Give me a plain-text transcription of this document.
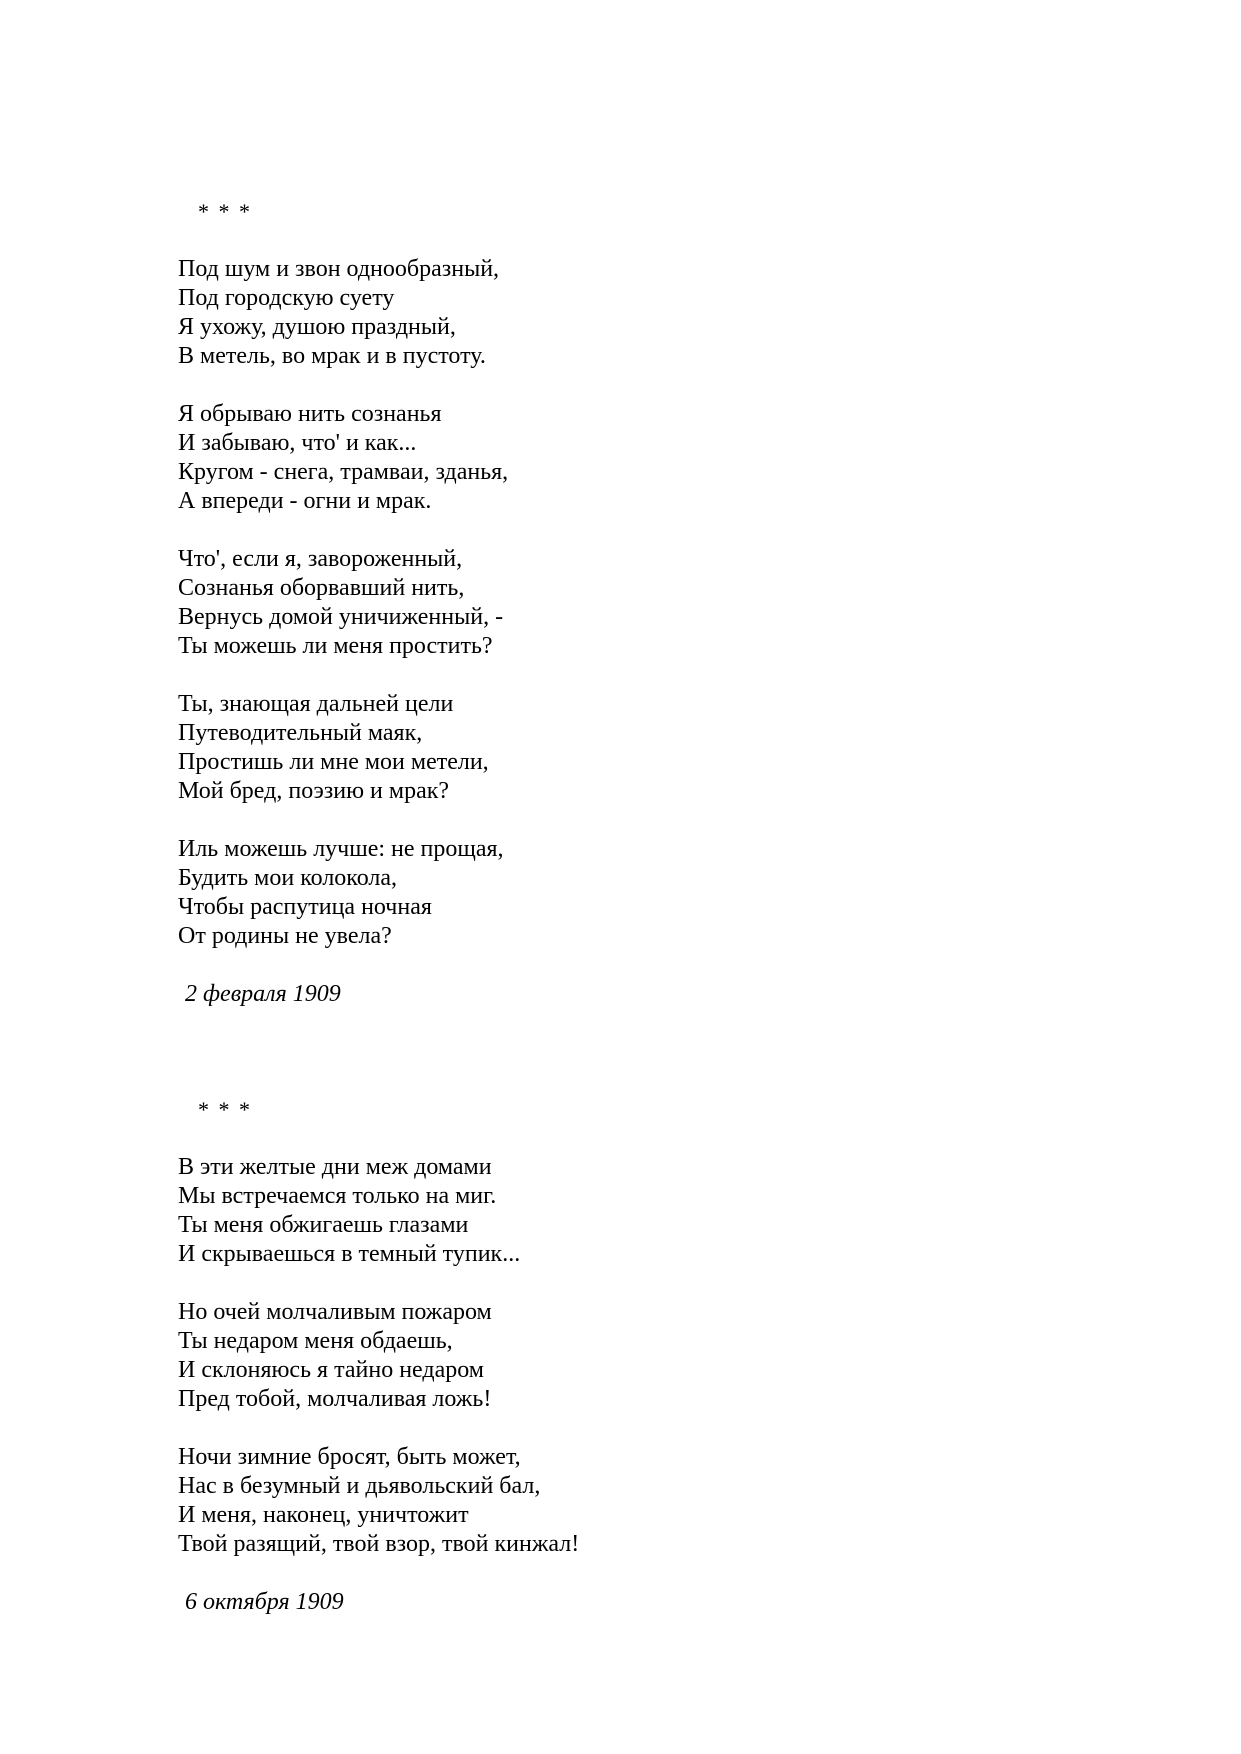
* * *
Под шум и звон однообразный,
Под городскую суету
Я ухожу, душою праздный,
В метель, во мрак и в пустоту.
Я обрываю нить сознанья
И забываю, что' и как...
Кругом - снега, трамваи, зданья,
А впереди - огни и мрак.
Что', если я, завороженный,
Сознанья оборвавший нить,
Вернусь домой уничиженный, -
Ты можешь ли меня простить?
Ты, знающая дальней цели
Путеводительный маяк,
Простишь ли мне мои метели,
Мой бред, поэзию и мрак?
Иль можешь лучше: не прощая,
Будить мои колокола,
Чтобы распутица ночная
От родины не увела?
2 февраля 1909
* * *
В эти желтые дни меж домами
Мы встречаемся только на миг.
Ты меня обжигаешь глазами
И скрываешься в темный тупик...
Но очей молчаливым пожаром
Ты недаром меня обдаешь,
И склоняюсь я тайно недаром
Пред тобой, молчаливая ложь!
Ночи зимние бросят, быть может,
Нас в безумный и дьявольский бал,
И меня, наконец, уничтожит
Твой разящий, твой взор, твой кинжал!
6 октября 1909
